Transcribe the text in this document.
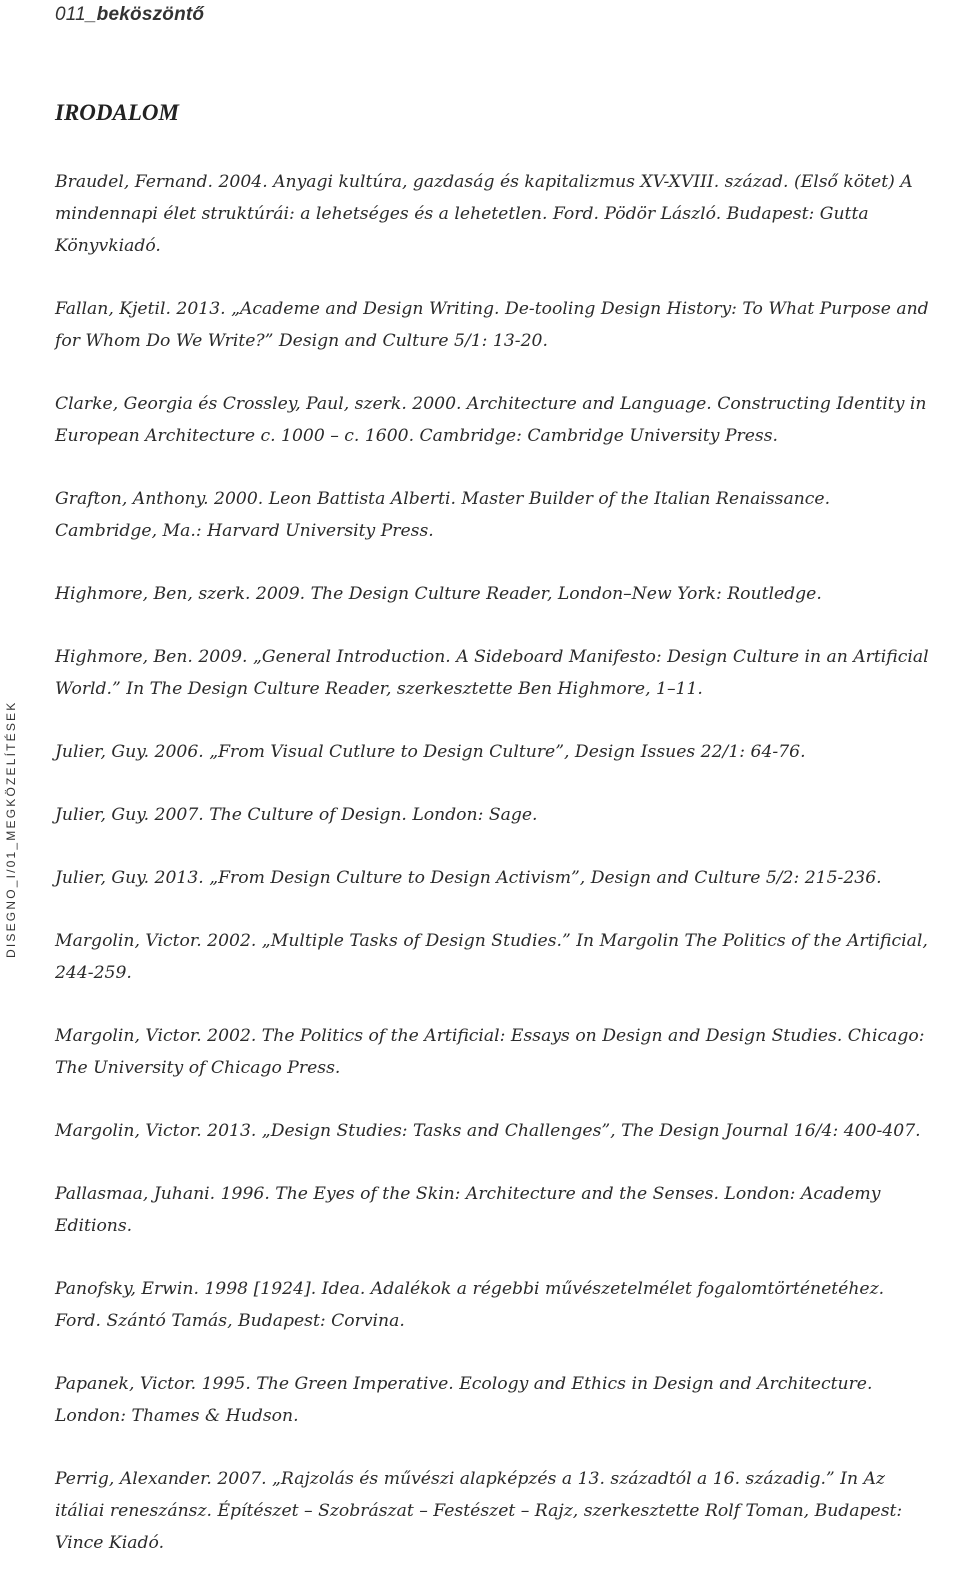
011_beköszöntő
IRODALOM
DISEGNO_I/01_MEGKÖZELÍTÉSEK
Braudel, Fernand. 2004. Anyagi kultúra, gazdaság és kapitalizmus XV-XVIII. század. (Első kötet) A mindennapi élet struktúrái: a lehetséges és a lehetetlen. Ford. Pödör László. Budapest: Gutta Könyvkiadó.
Fallan, Kjetil. 2013. „Academe and Design Writing. De-tooling Design History: To What Purpose and for Whom Do We Write?” Design and Culture 5/1: 13-20.
Clarke, Georgia és Crossley, Paul, szerk. 2000. Architecture and Language. Constructing Identity in European Architecture c. 1000 – c. 1600. Cambridge: Cambridge University Press.
Grafton, Anthony. 2000. Leon Battista Alberti. Master Builder of the Italian Renaissance. Cambridge, Ma.: Harvard University Press.
Highmore, Ben, szerk. 2009. The Design Culture Reader, London–New York: Routledge.
Highmore, Ben. 2009. „General Introduction. A Sideboard Manifesto: Design Culture in an Artificial World.” In The Design Culture Reader, szerkesztette Ben Highmore, 1–11.
Julier, Guy. 2006. „From Visual Cutlure to Design Culture”, Design Issues 22/1: 64-76.
Julier, Guy. 2007. The Culture of Design. London: Sage.
Julier, Guy. 2013. „From Design Culture to Design Activism”, Design and Culture 5/2: 215-236.
Margolin, Victor. 2002. „Multiple Tasks of Design Studies.” In Margolin The Politics of the Artificial, 244-259.
Margolin, Victor. 2002. The Politics of the Artificial: Essays on Design and Design Studies. Chicago: The University of Chicago Press.
Margolin, Victor. 2013. „Design Studies: Tasks and Challenges”, The Design Journal 16/4: 400-407.
Pallasmaa, Juhani. 1996. The Eyes of the Skin: Architecture and the Senses. London: Academy Editions.
Panofsky, Erwin. 1998 [1924]. Idea. Adalékok a régebbi művészetelmélet fogalomtörténetéhez. Ford. Szántó Tamás, Budapest: Corvina.
Papanek, Victor. 1995. The Green Imperative. Ecology and Ethics in Design and Architecture. London: Thames & Hudson.
Perrig, Alexander. 2007. „Rajzolás és művészi alapképzés a 13. századtól a 16. századig.” In Az itáliai reneszánsz. Építészet – Szobrászat – Festészet – Rajz, szerkesztette Rolf Toman, Budapest: Vince Kiadó.
